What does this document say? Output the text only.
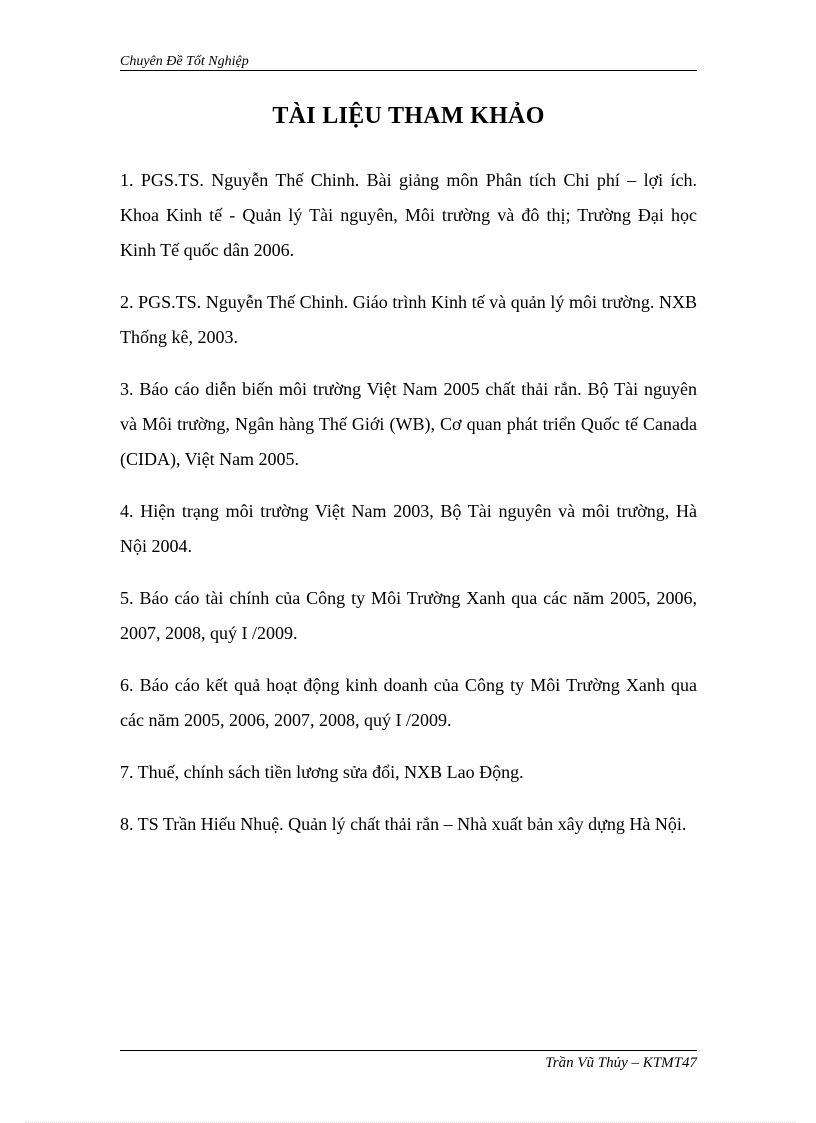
Chuyên Đề Tốt Nghiệp
TÀI LIỆU THAM KHẢO

1. PGS.TS. Nguyễn Thế Chinh. Bài giảng môn Phân tích Chi phí – lợi ích. Khoa Kinh tế - Quản lý Tài nguyên, Môi trường và đô thị; Trường Đại học Kinh Tế quốc dân 2006.

2. PGS.TS. Nguyễn Thế Chinh. Giáo trình Kinh tế và quản lý môi trường. NXB Thống kê, 2003.

3. Báo cáo diễn biến môi trường Việt Nam 2005 chất thải rắn. Bộ Tài nguyên và Môi trường, Ngân hàng Thế Giới (WB), Cơ quan phát triển Quốc tế Canada (CIDA), Việt Nam 2005.

4. Hiện trạng môi trường Việt Nam 2003, Bộ Tài nguyên và môi trường, Hà Nội 2004.

5. Báo cáo tài chính của Công ty Môi Trường Xanh qua các năm 2005, 2006, 2007, 2008, quý I /2009.

6. Báo cáo kết quả hoạt động kinh doanh của Công ty Môi Trường Xanh qua các năm 2005, 2006, 2007, 2008, quý I /2009.

7. Thuế, chính sách tiền lương sửa đổi, NXB Lao Động.

8. TS Trần Hiếu Nhuệ. Quản lý chất thải rắn – Nhà xuất bản xây dựng Hà Nội.

Trần Vũ Thủy – KTMT47
